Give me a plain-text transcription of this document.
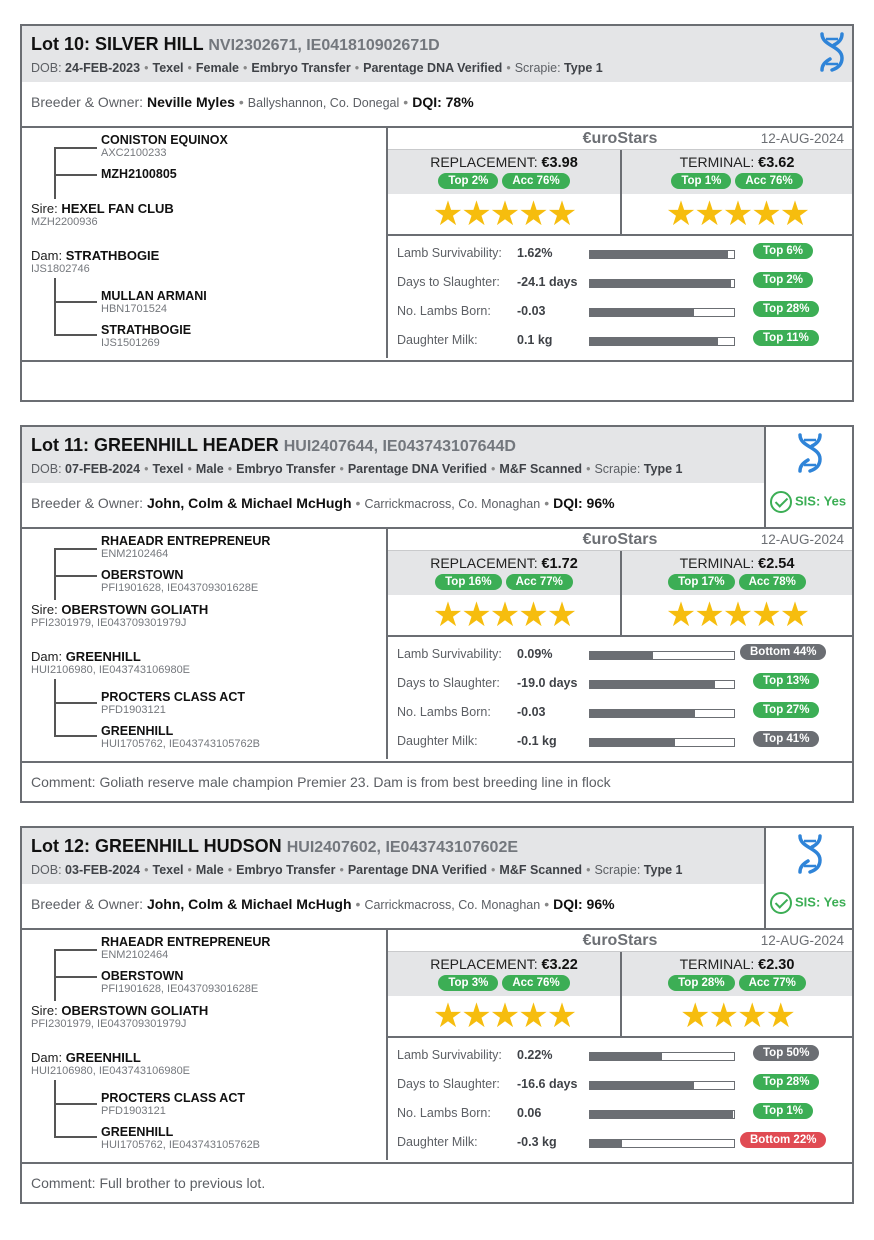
Lot 10: SILVER HILL NVI2302671, IE041810902671D
DOB: 24-FEB-2023 • Texel • Female • Embryo Transfer • Parentage DNA Verified • Scrapie: Type 1
Breeder & Owner: Neville Myles • Ballyshannon, Co. Donegal • DQI: 78%
CONISTON EQUINOX
AXC2100233
MZH2100805
Sire: HEXEL FAN CLUB
MZH2200936
Dam: STRATHBOGIE
IJS1802746
MULLAN ARMANI
HBN1701524
STRATHBOGIE
IJS1501269
€uroStars	12-AUG-2024
REPLACEMENT: €3.98
Top 2% Acc 76%
★★★★★
TERMINAL: €3.62
Top 1% Acc 76%
★★★★★
Lamb Survivability: 1.62%	Top 6%
Days to Slaughter: -24.1 days	Top 2%
No. Lambs Born: -0.03	Top 28%
Daughter Milk:	0.1 kg	Top 11%
Lot 11: GREENHILL HEADER HUI2407644, IE043743107644D
DOB: 07-FEB-2024 • Texel • Male • Embryo Transfer • Parentage DNA Verified • M&F Scanned • Scrapie: Type 1
Breeder & Owner: John, Colm & Michael McHugh • Carrickmacross, Co. Monaghan • DQI: 96%	SIS: Yes
RHAEADR ENTREPRENEUR
ENM2102464
OBERSTOWN
PFI1901628, IE043709301628E
Sire: OBERSTOWN GOLIATH
PFI2301979, IE043709301979J
Dam: GREENHILL
HUI2106980, IE043743106980E
PROCTERS CLASS ACT
PFD1903121
GREENHILL
HUI1705762, IE043743105762B
€uroStars	12-AUG-2024
REPLACEMENT: €1.72
Top 16% Acc 77%
★★★★★
TERMINAL: €2.54
Top 17% Acc 78%
★★★★★
Lamb Survivability: 0.09%	Bottom 44%
Days to Slaughter: -19.0 days	Top 13%
No. Lambs Born: -0.03	Top 27%
Daughter Milk:	-0.1 kg	Top 41%
Comment: Goliath reserve male champion Premier 23. Dam is from best breeding line in flock
Lot 12: GREENHILL HUDSON HUI2407602, IE043743107602E
DOB: 03-FEB-2024 • Texel • Male • Embryo Transfer • Parentage DNA Verified • M&F Scanned • Scrapie: Type 1
Breeder & Owner: John, Colm & Michael McHugh • Carrickmacross, Co. Monaghan • DQI: 96%	SIS: Yes
RHAEADR ENTREPRENEUR
ENM2102464
OBERSTOWN
PFI1901628, IE043709301628E
Sire: OBERSTOWN GOLIATH
PFI2301979, IE043709301979J
Dam: GREENHILL
HUI2106980, IE043743106980E
PROCTERS CLASS ACT
PFD1903121
GREENHILL
HUI1705762, IE043743105762B
€uroStars	12-AUG-2024
REPLACEMENT: €3.22
Top 3% Acc 76%
★★★★★
TERMINAL: €2.30
Top 28% Acc 77%
★★★★
Lamb Survivability: 0.22%	Top 50%
Days to Slaughter: -16.6 days	Top 28%
No. Lambs Born: 0.06	Top 1%
Daughter Milk:	-0.3 kg	Bottom 22%
Comment: Full brother to previous lot.
